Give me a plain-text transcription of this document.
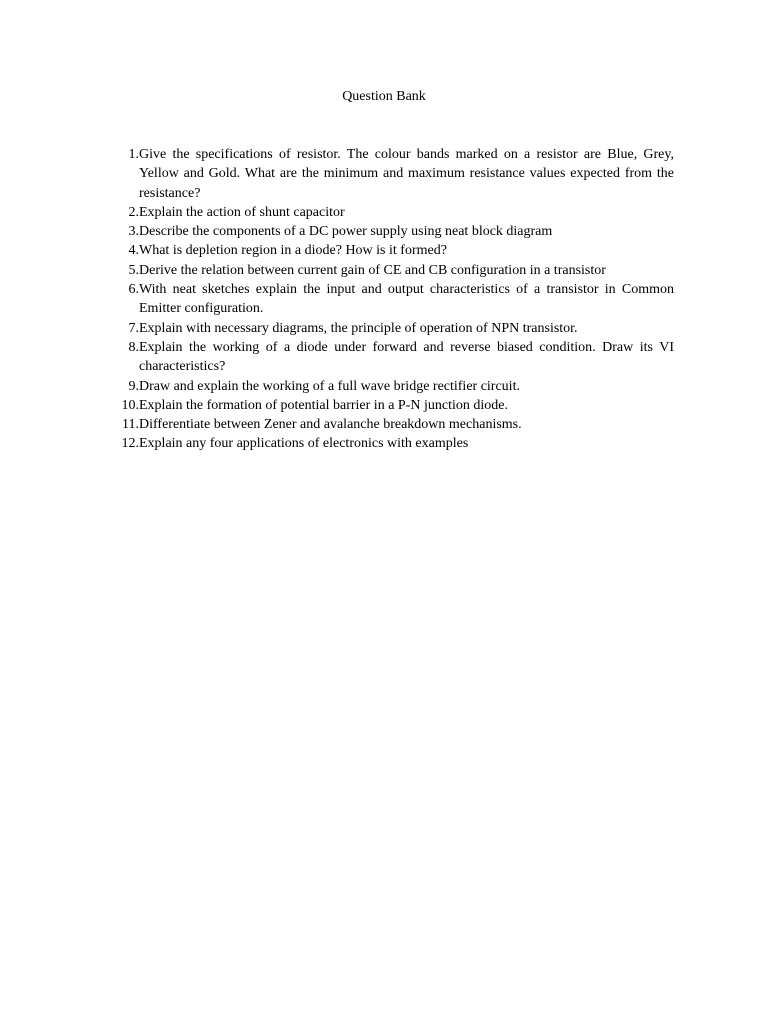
Question Bank
1. Give the specifications of resistor. The colour bands marked on a resistor are Blue, Grey, Yellow and Gold. What are the minimum and maximum resistance values expected from the resistance?
2. Explain the action of shunt capacitor
3. Describe the components of a DC power supply using neat block diagram
4. What is depletion region in a diode? How is it formed?
5. Derive the relation between current gain of CE and CB configuration in a transistor
6. With neat sketches explain the input and output characteristics of a transistor in Common Emitter configuration.
7. Explain with necessary diagrams, the principle of operation of NPN transistor.
8. Explain the working of a diode under forward and reverse biased condition. Draw its VI characteristics?
9. Draw and explain the working of a full wave bridge rectifier circuit.
10. Explain the formation of potential barrier in a P-N junction diode.
11. Differentiate between Zener and avalanche breakdown mechanisms.
12. Explain any four applications of electronics with examples
